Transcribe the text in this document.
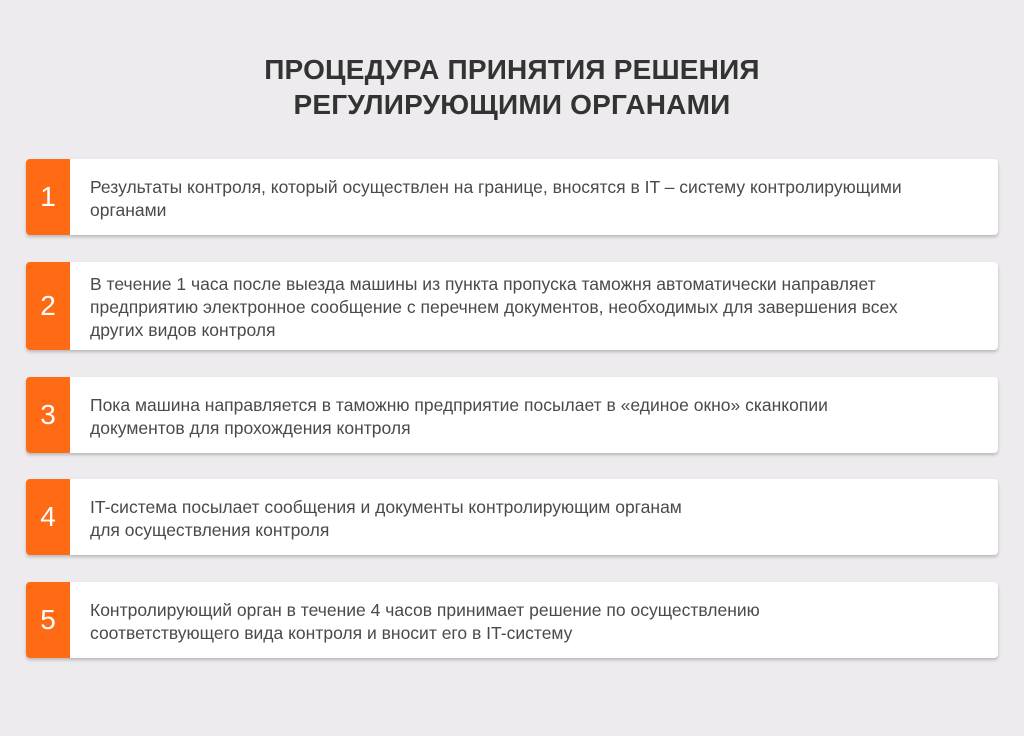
ПРОЦЕДУРА ПРИНЯТИЯ РЕШЕНИЯ
РЕГУЛИРУЮЩИМИ ОРГАНАМИ
1	Результаты контроля, который осуществлен на границе, вносятся в IT – систему контролирующими
органами
2
В течение 1 часа после выезда машины из пункта пропуска таможня автоматически направляет
предприятию электронное сообщение с перечнем документов, необходимых для завершения всех
других видов контроля
3	Пока машина направляется в таможню предприятие посылает в «единое окно» сканкопии
документов для прохождения контроля
4	IT-система посылает сообщения и документы контролирующим органам
для осуществления контроля
5	Контролирующий орган в течение 4 часов принимает решение по осуществлению
соответствующего вида контроля и вносит его в IT-систему
